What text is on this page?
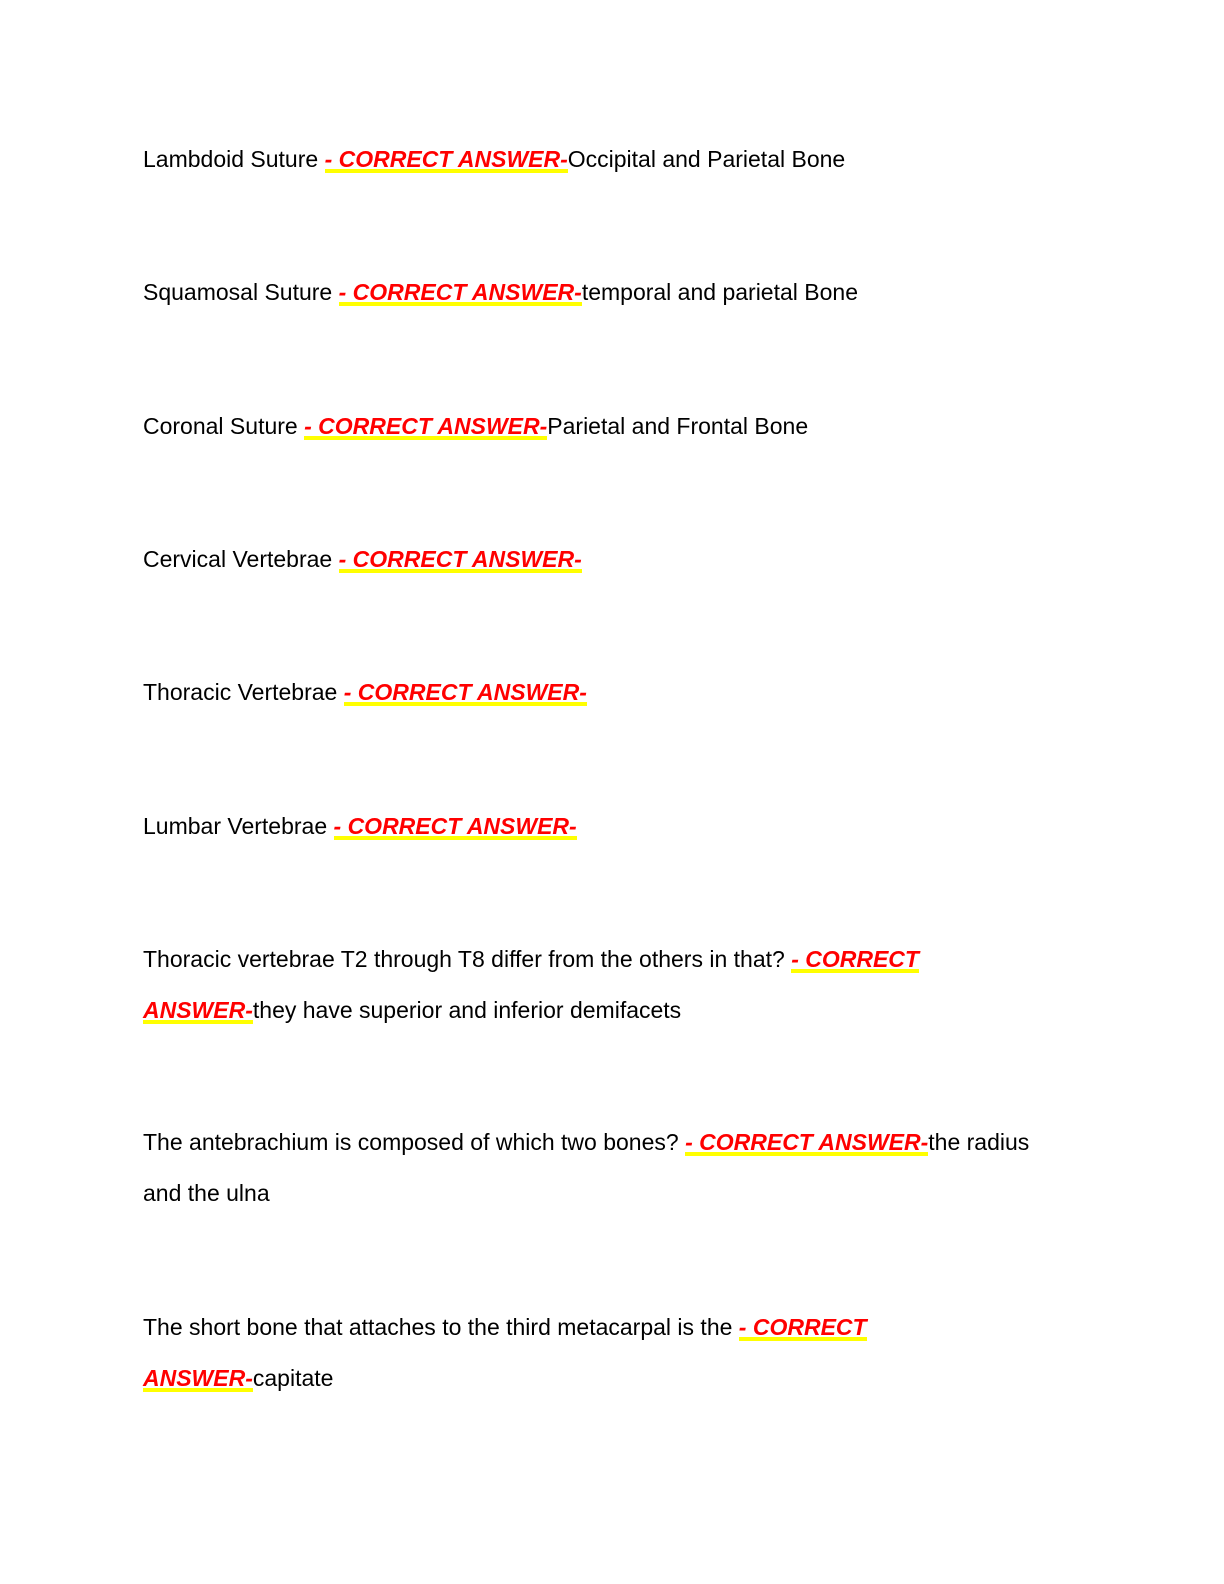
Lambdoid Suture - CORRECT ANSWER-Occipital and Parietal Bone
Squamosal Suture - CORRECT ANSWER-temporal and parietal Bone
Coronal Suture - CORRECT ANSWER-Parietal and Frontal Bone
Cervical Vertebrae - CORRECT ANSWER-
Thoracic Vertebrae - CORRECT ANSWER-
Lumbar Vertebrae - CORRECT ANSWER-
Thoracic vertebrae T2 through T8 differ from the others in that? - CORRECT ANSWER-they have superior and inferior demifacets
The antebrachium is composed of which two bones? - CORRECT ANSWER-the radius and the ulna
The short bone that attaches to the third metacarpal is the - CORRECT ANSWER-capitate
